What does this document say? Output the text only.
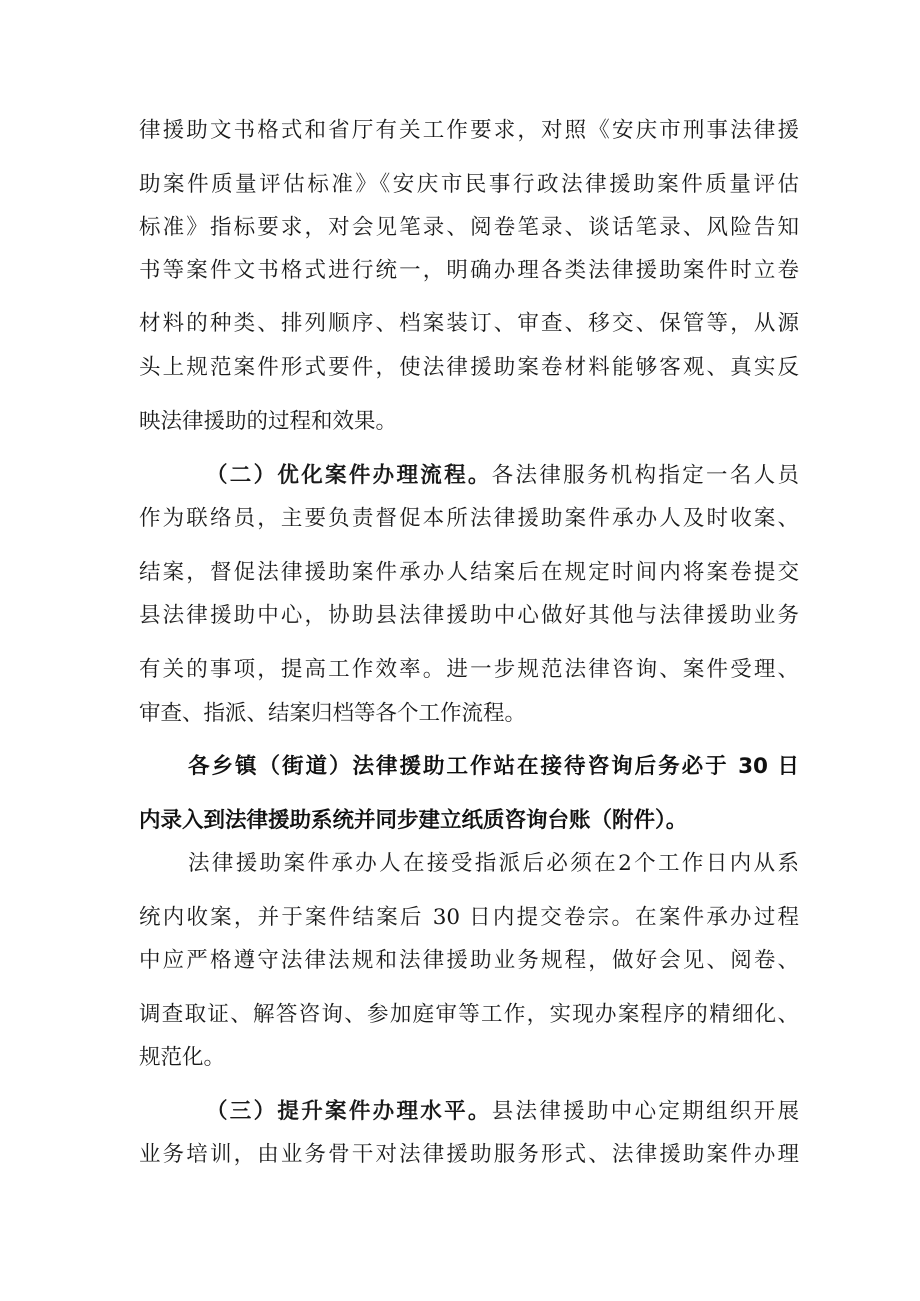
律援助文书格式和省厅有关工作要求，对照《安庆市刑事法律援
助案件质量评估标准》《安庆市民事行政法律援助案件质量评估
标准》指标要求，对会见笔录、阅卷笔录、谈话笔录、风险告知
书等案件文书格式进行统一，明确办理各类法律援助案件时立卷
材料的种类、排列顺序、档案装订、审查、移交、保管等，从源
头上规范案件形式要件，使法律援助案卷材料能够客观、真实反
映法律援助的过程和效果。
（二）优化案件办理流程。各法律服务机构指定一名人员
作为联络员，主要负责督促本所法律援助案件承办人及时收案、
结案，督促法律援助案件承办人结案后在规定时间内将案卷提交
县法律援助中心，协助县法律援助中心做好其他与法律援助业务
有关的事项，提高工作效率。进一步规范法律咨询、案件受理、
审查、指派、结案归档等各个工作流程。
各乡镇（街道）法律援助工作站在接待咨询后务必于 30 日
内录入到法律援助系统并同步建立纸质咨询台账（附件）。
法律援助案件承办人在接受指派后必须在2个工作日内从系
统内收案，并于案件结案后 30 日内提交卷宗。在案件承办过程
中应严格遵守法律法规和法律援助业务规程，做好会见、阅卷、
调查取证、解答咨询、参加庭审等工作，实现办案程序的精细化、
规范化。
（三）提升案件办理水平。县法律援助中心定期组织开展
业务培训，由业务骨干对法律援助服务形式、法律援助案件办理
